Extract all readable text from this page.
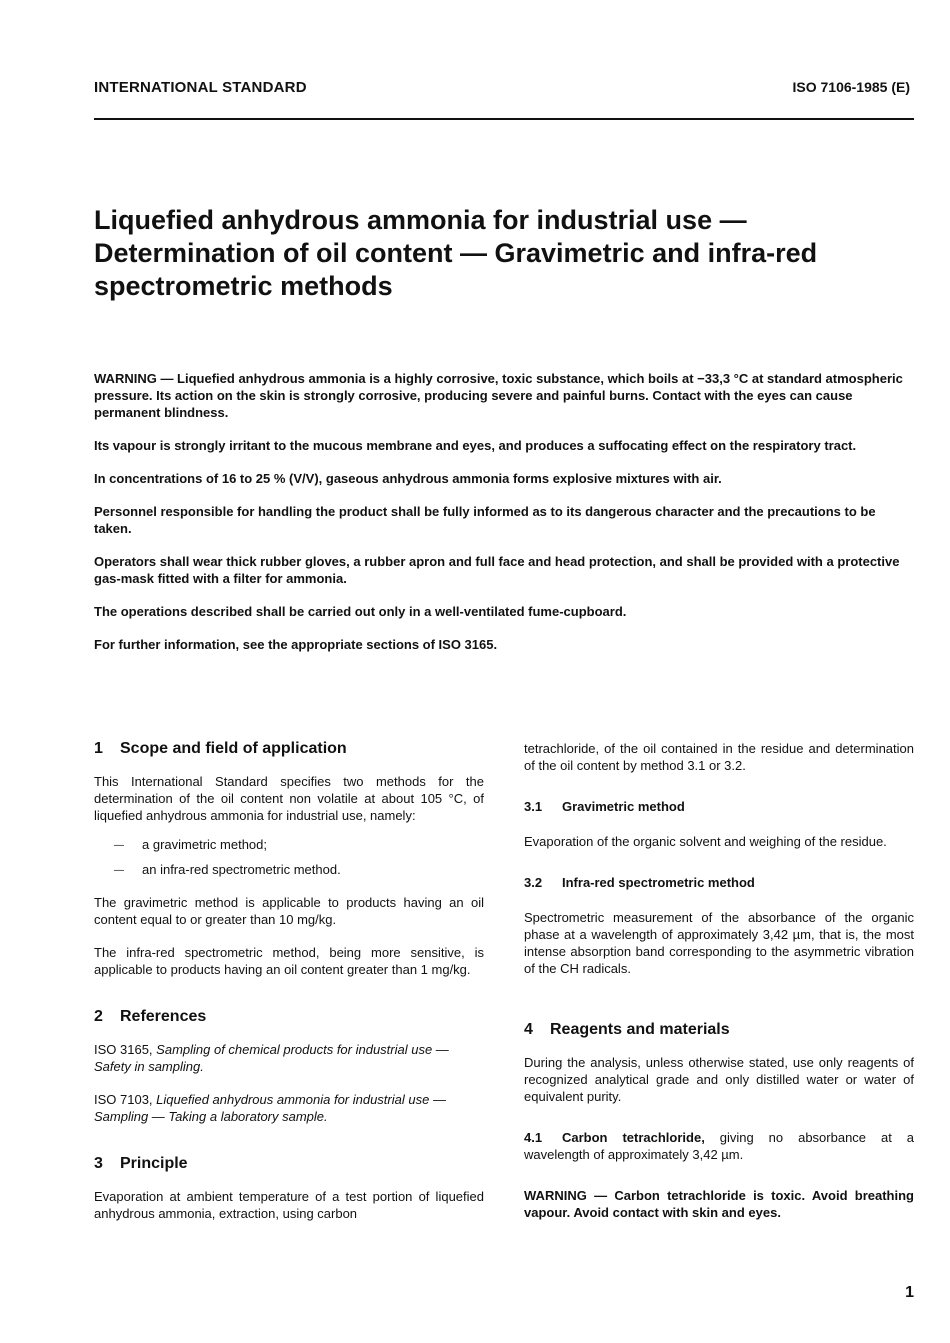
INTERNATIONAL STANDARD	ISO 7106-1985 (E)
Liquefied anhydrous ammonia for industrial use — Determination of oil content — Gravimetric and infra-red spectrometric methods

WARNING — Liquefied anhydrous ammonia is a highly corrosive, toxic substance, which boils at −33,3 °C at standard atmospheric pressure. Its action on the skin is strongly corrosive, producing severe and painful burns. Contact with the eyes can cause permanent blindness.

Its vapour is strongly irritant to the mucous membrane and eyes, and produces a suffocating effect on the respiratory tract.

In concentrations of 16 to 25 % (V/V), gaseous anhydrous ammonia forms explosive mixtures with air.

Personnel responsible for handling the product shall be fully informed as to its dangerous character and the precautions to be taken.

Operators shall wear thick rubber gloves, a rubber apron and full face and head protection, and shall be provided with a protective gas-mask fitted with a filter for ammonia.

The operations described shall be carried out only in a well-ventilated fume-cupboard.

For further information, see the appropriate sections of ISO 3165.

1 Scope and field of application

This International Standard specifies two methods for the determination of the oil content non volatile at about 105 °C, of liquefied anhydrous ammonia for industrial use, namely:

— a gravimetric method;
— an infra-red spectrometric method.

The gravimetric method is applicable to products having an oil content equal to or greater than 10 mg/kg.

The infra-red spectrometric method, being more sensitive, is applicable to products having an oil content greater than 1 mg/kg.

2 References

ISO 3165, Sampling of chemical products for industrial use — Safety in sampling.

ISO 7103, Liquefied anhydrous ammonia for industrial use — Sampling — Taking a laboratory sample.

3 Principle

Evaporation at ambient temperature of a test portion of liquefied anhydrous ammonia, extraction, using carbon

tetrachloride, of the oil contained in the residue and determination of the oil content by method 3.1 or 3.2.

3.1 Gravimetric method

Evaporation of the organic solvent and weighing of the residue.

3.2 Infra-red spectrometric method

Spectrometric measurement of the absorbance of the organic phase at a wavelength of approximately 3,42 µm, that is, the most intense absorption band corresponding to the asymmetric vibration of the CH radicals.

4 Reagents and materials

During the analysis, unless otherwise stated, use only reagents of recognized analytical grade and only distilled water or water of equivalent purity.

4.1 Carbon tetrachloride, giving no absorbance at a wavelength of approximately 3,42 µm.

WARNING — Carbon tetrachloride is toxic. Avoid breathing vapour. Avoid contact with skin and eyes.

1
